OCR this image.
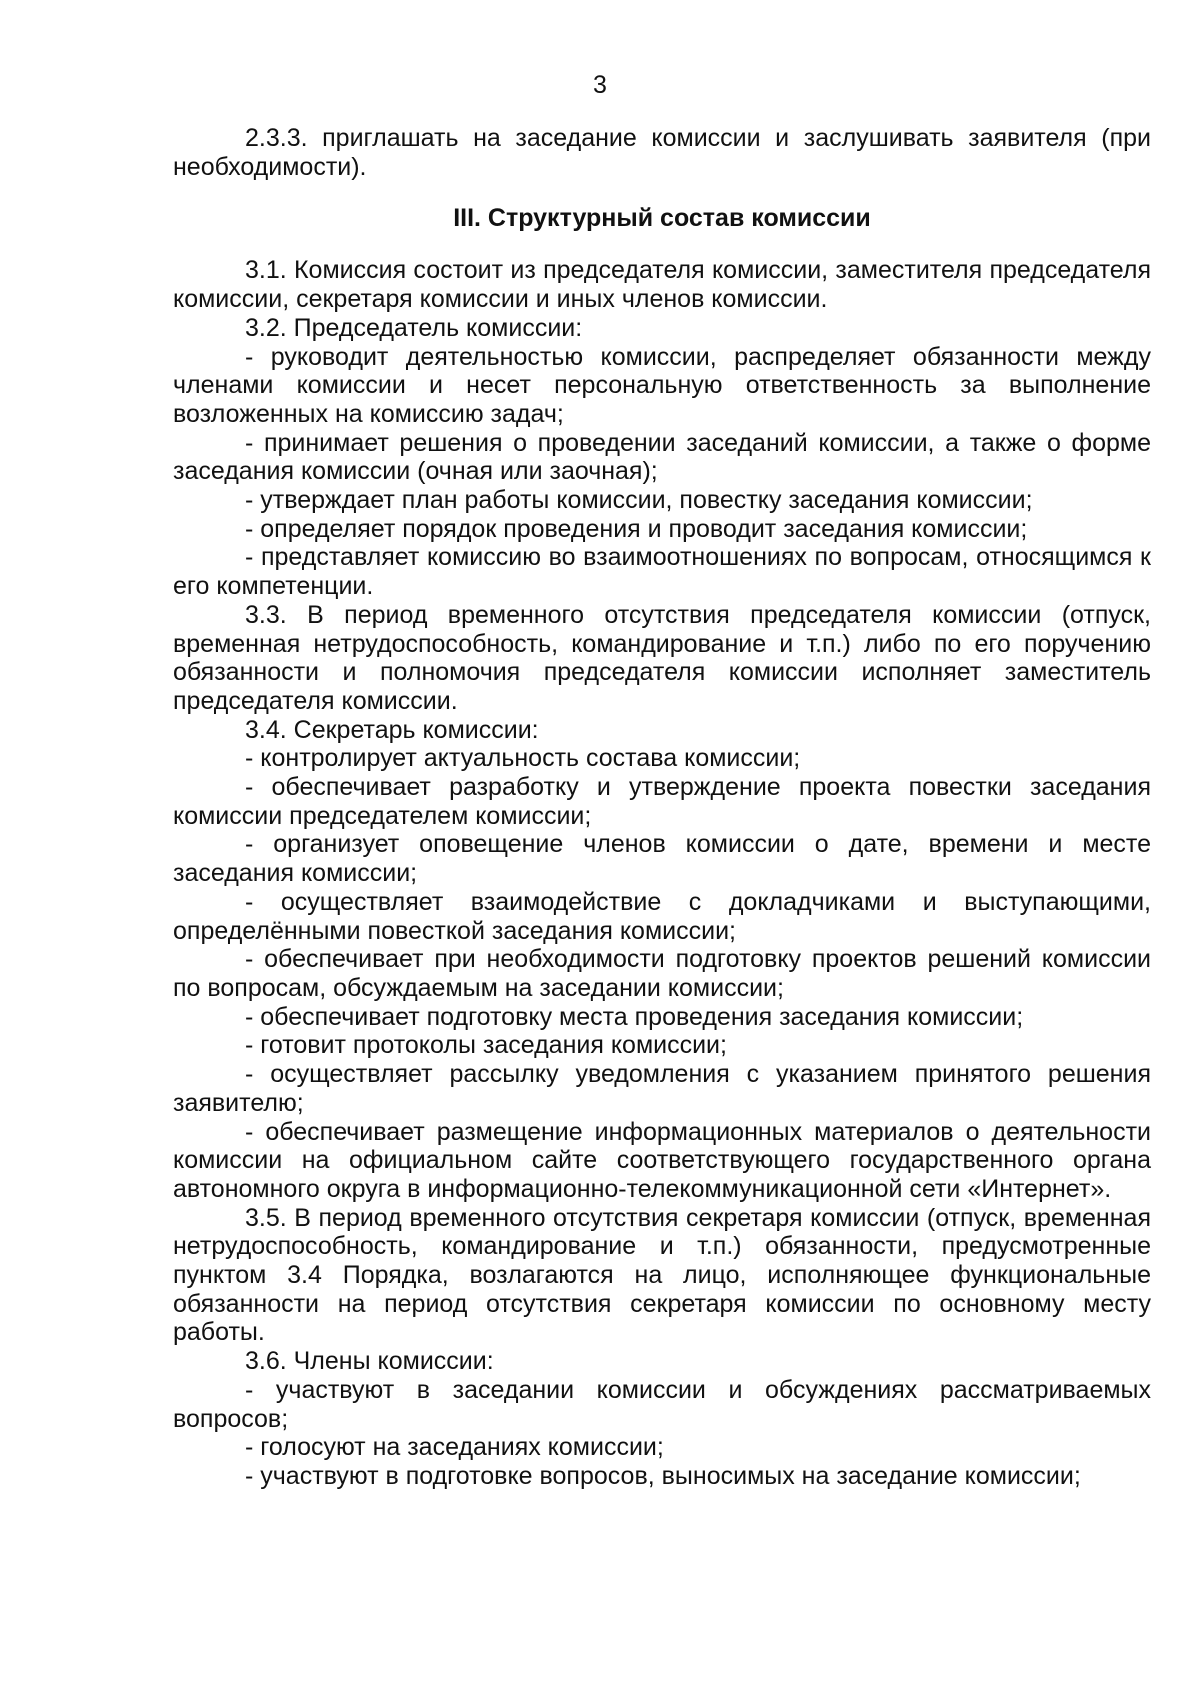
3

2.3.3. приглашать на заседание комиссии и заслушивать заявителя (при необходимости).

III. Структурный состав комиссии

3.1. Комиссия состоит из председателя комиссии, заместителя председателя комиссии, секретаря комиссии и иных членов комиссии.

3.2. Председатель комиссии:

- руководит деятельностью комиссии, распределяет обязанности между членами комиссии и несет персональную ответственность за выполнение возложенных на комиссию задач;

- принимает решения о проведении заседаний комиссии, а также о форме заседания комиссии (очная или заочная);

- утверждает план работы комиссии, повестку заседания комиссии;

- определяет порядок проведения и проводит заседания комиссии;

- представляет комиссию во взаимоотношениях по вопросам, относящимся к его компетенции.

3.3. В период временного отсутствия председателя комиссии (отпуск, временная нетрудоспособность, командирование и т.п.) либо по его поручению обязанности и полномочия председателя комиссии исполняет заместитель председателя комиссии.

3.4. Секретарь комиссии:

- контролирует актуальность состава комиссии;

- обеспечивает разработку и утверждение проекта повестки заседания комиссии председателем комиссии;

- организует оповещение членов комиссии о дате, времени и месте заседания комиссии;

- осуществляет взаимодействие с докладчиками и выступающими, определёнными повесткой заседания комиссии;

- обеспечивает при необходимости подготовку проектов решений комиссии по вопросам, обсуждаемым на заседании комиссии;

- обеспечивает подготовку места проведения заседания комиссии;

- готовит протоколы заседания комиссии;

- осуществляет рассылку уведомления с указанием принятого решения заявителю;

- обеспечивает размещение информационных материалов о деятельности комиссии на официальном сайте соответствующего государственного органа автономного округа в информационно-телекоммуникационной сети «Интернет».

3.5. В период временного отсутствия секретаря комиссии (отпуск, временная нетрудоспособность, командирование и т.п.) обязанности, предусмотренные пунктом 3.4 Порядка, возлагаются на лицо, исполняющее функциональные обязанности на период отсутствия секретаря комиссии по основному месту работы.

3.6. Члены комиссии:

- участвуют в заседании комиссии и обсуждениях рассматриваемых вопросов;

- голосуют на заседаниях комиссии;

- участвуют в подготовке вопросов, выносимых на заседание комиссии;
